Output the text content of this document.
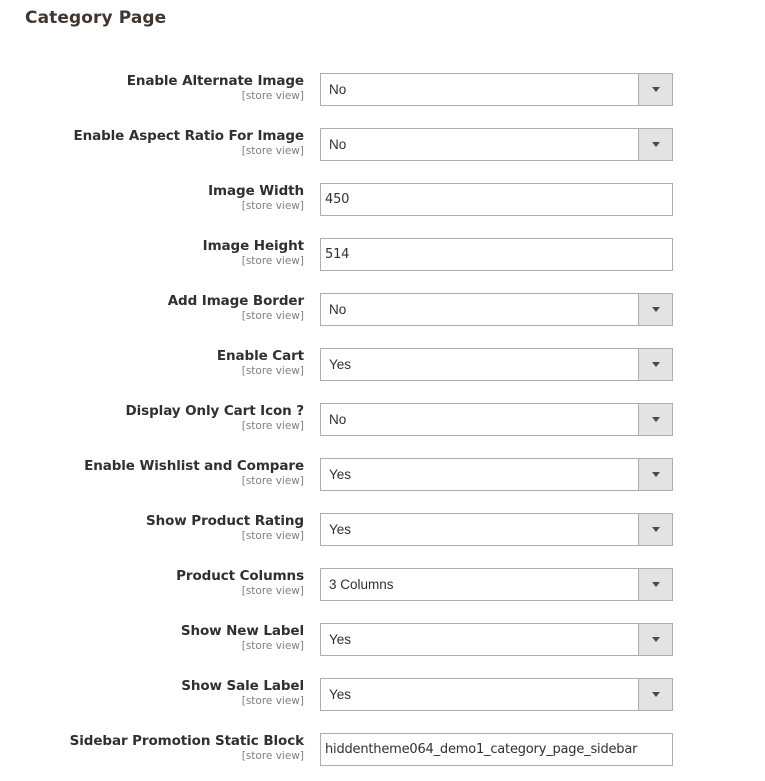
Category Page
Enable Alternate Image
[store view] No
Enable Aspect Ratio For Image
[store view] No
Image Width
[store view] 450
Image Height
[store view] 514
Add Image Border
[store view] No
Enable Cart
[store view] Yes
Display Only Cart Icon ?
[store view] No
Enable Wishlist and Compare
[store view] Yes
Show Product Rating
[store view] Yes
Product Columns
[store view] 3 Columns
Show New Label
[store view] Yes
Show Sale Label
[store view] Yes
Sidebar Promotion Static Block
[store view] hiddentheme064_demo1_category_page_sidebar
